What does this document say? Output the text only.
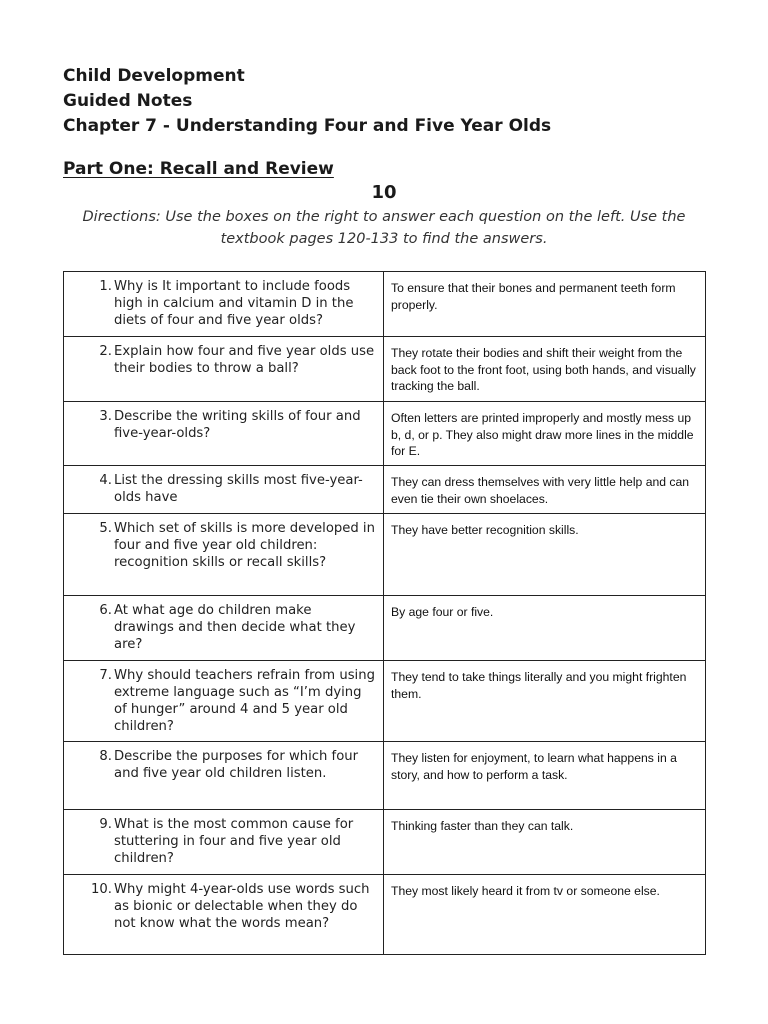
Child Development
Guided Notes
Chapter 7 - Understanding Four and Five Year Olds
Part One: Recall and Review
10
Directions: Use the boxes on the right to answer each question on the left. Use the textbook pages 120-133 to find the answers.
1. Why is It important to include foods high in calcium and vitamin D in the diets of four and five year olds?	To ensure that their bones and permanent teeth form properly.

2. Explain how four and five year olds use their bodies to throw a ball?	They rotate their bodies and shift their weight from the back foot to the front foot, using both hands, and visually tracking the ball.

3. Describe the writing skills of four and five-year-olds?	Often letters are printed improperly and mostly mess up b, d, or p. They also might draw more lines in the middle for E.

4. List the dressing skills most five-year-olds have	They can dress themselves with very little help and can even tie their own shoelaces.

5. Which set of skills is more developed in four and five year old children: recognition skills or recall skills?	They have better recognition skills.

6. At what age do children make drawings and then decide what they are?	By age four or five.

7. Why should teachers refrain from using extreme language such as “I’m dying of hunger” around 4 and 5 year old children?	They tend to take things literally and you might frighten them.

8. Describe the purposes for which four and five year old children listen.	They listen for enjoyment, to learn what happens in a story, and how to perform a task.

9. What is the most common cause for stuttering in four and five year old children?	Thinking faster than they can talk.

10. Why might 4-year-olds use words such as bionic or delectable when they do not know what the words mean?	They most likely heard it from tv or someone else.
